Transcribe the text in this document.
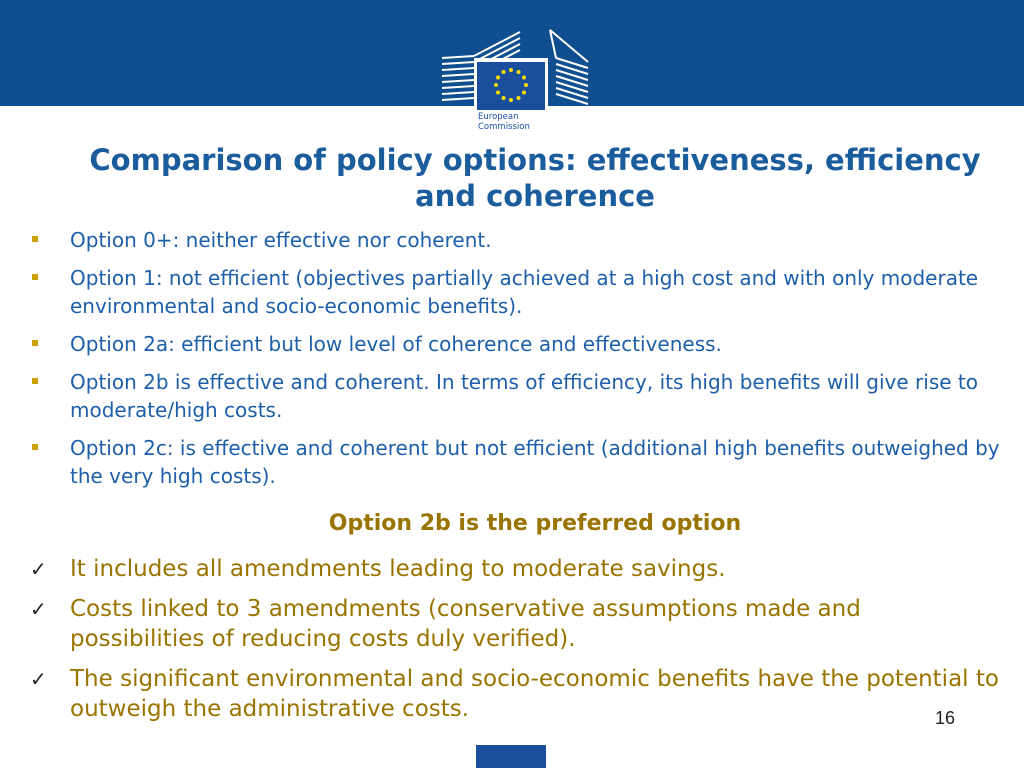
European
Commission
Comparison of policy options: effectiveness, efficiency and coherence
Option 0+: neither effective nor coherent.
Option 1: not efficient (objectives partially achieved at a high cost and with only moderate environmental and socio-economic benefits).
Option 2a: efficient but low level of coherence and effectiveness.
Option 2b is effective and coherent. In terms of efficiency, its high benefits will give rise to moderate/high costs.
Option 2c: is effective and coherent but not efficient (additional high benefits outweighed by the very high costs).
Option 2b is the preferred option
✓ It includes all amendments leading to moderate savings.
✓ Costs linked to 3 amendments (conservative assumptions made and possibilities of reducing costs duly verified).
✓ The significant environmental and socio-economic benefits have the potential to outweigh the administrative costs.	16
